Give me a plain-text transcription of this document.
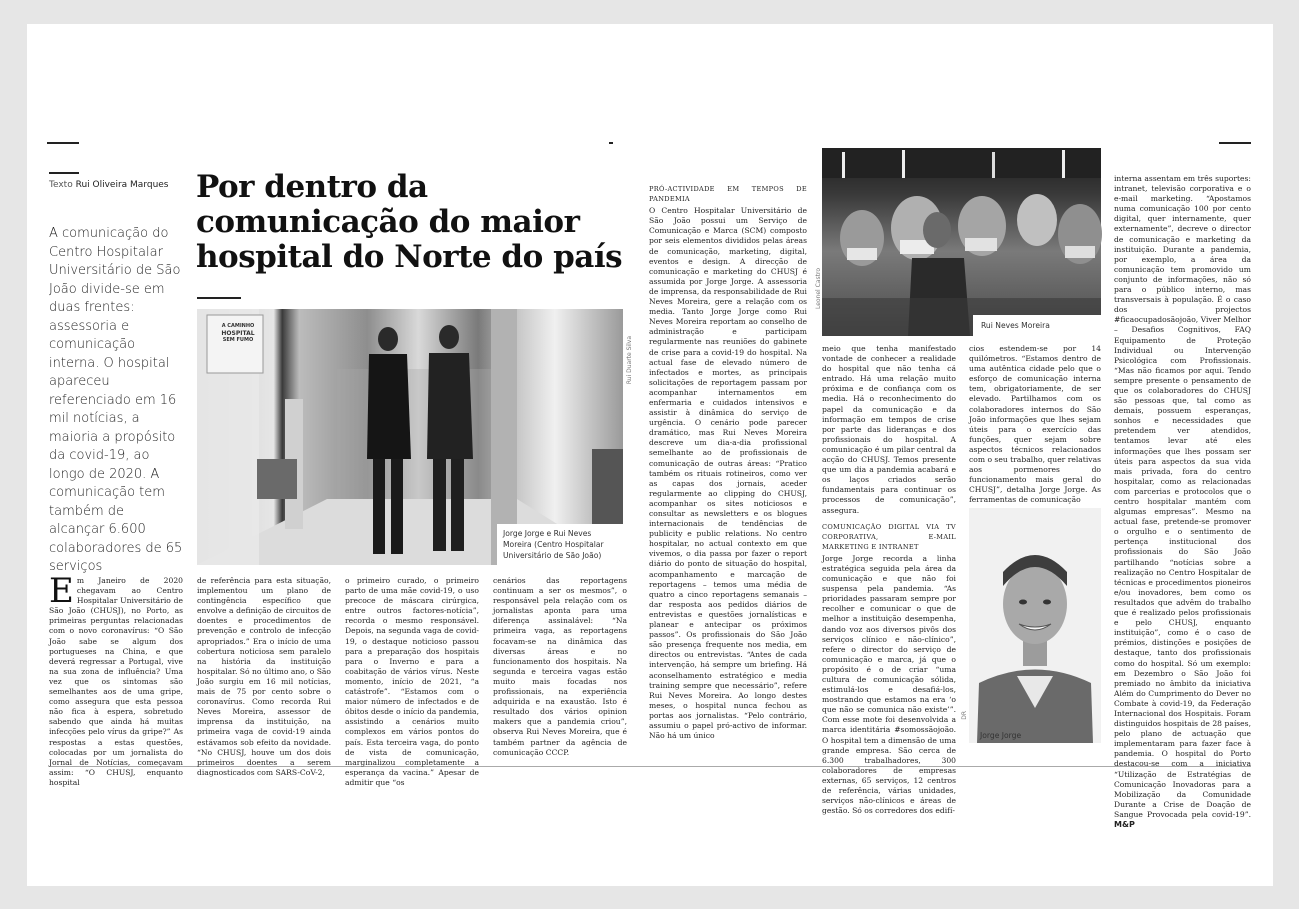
Texto Rui Oliveira Marques
A comunicação do Centro Hospitalar Universitário de São João divide-se em duas frentes: assessoria e comunicação interna. O hospital apareceu referenciado em 16 mil notícias, a maioria a propósito da covid-19, ao longo de 2020. A comunicação tem também de alcançar 6.600 colaboradores de 65 serviços
Por dentro da
comunicação do maior
hospital do Norte do país
A CAMINHO
HOSPITAL
SEM FUMO
Jorge Jorge e Rui Neves Moreira (Centro Hospitalar Universitário de São João)
Rui Duarte Silva
E m Janeiro de 2020 chegavam ao Centro Hospitalar Universitário de São João (CHUSJ), no Porto, as primeiras perguntas relacionadas com o novo coronavírus: “O São João sabe se algum dos portugueses na China, e que deverá regressar a Portugal, vive na sua zona de influência? Uma vez que os sintomas são semelhantes aos de uma gripe, como assegura que esta pessoa não fica à espera, sobretudo sabendo que ainda há muitas infecções pelo vírus da gripe?” As respostas a estas questões, colocadas por um jornalista do Jornal de Notícias, começavam assim: “O CHUSJ, enquanto hospital
de referência para esta situação, implementou um plano de contingência específico que envolve a definição de circuitos de doentes e procedimentos de prevenção e controlo de infecção apropriados.” Era o início de uma cobertura noticiosa sem paralelo na história da instituição hospitalar. Só no último ano, o São João surgiu em 16 mil notícias, mais de 75 por cento sobre o coronavírus. Como recorda Rui Neves Moreira, assessor de imprensa da instituição, na primeira vaga de covid-19 ainda estávamos sob efeito da novidade. “No CHUSJ, houve um dos dois primeiros doentes a serem diagnosticados com SARS-CoV-2,
o primeiro curado, o primeiro parto de uma mãe covid-19, o uso precoce de máscara cirúrgica, entre outros factores-notícia”, recorda o mesmo responsável. Depois, na segunda vaga de covid-19, o destaque noticioso passou para a preparação dos hospitais para o Inverno e para a coabitação de vários vírus. Neste momento, início de 2021, “a catástrofe”. “Estamos com o maior número de infectados e de óbitos desde o início da pandemia, assistindo a cenários muito complexos em vários pontos do país. Esta terceira vaga, do ponto de vista de comunicação, marginalizou completamente a esperança da vacina.” Apesar de admitir que “os
cenários das reportagens continuam a ser os mesmos”, o responsável pela relação com os jornalistas aponta para uma diferença assinalável: “Na primeira vaga, as reportagens focavam-se na dinâmica das diversas áreas e no funcionamento dos hospitais. Na segunda e terceira vagas estão muito mais focadas nos profissionais, na experiência adquirida e na exaustão. Isto é resultado dos vários opinion makers que a pandemia criou”, observa Rui Neves Moreira, que é também partner da agência de comunicação CCCP.
Rui Neves Moreira
Leonel Castro
Jorge Jorge
DR
PRÓ-ACTIVIDADE EM TEMPOS DE PANDEMIA
O Centro Hospitalar Universitário de São João possui um Serviço de Comunicação e Marca (SCM) composto por seis elementos divididos pelas áreas de comunicação, marketing, digital, eventos e design. A direcção de comunicação e marketing do CHUSJ é assumida por Jorge Jorge. A assessoria de imprensa, da responsabilidade de Rui Neves Moreira, gere a relação com os media. Tanto Jorge Jorge como Rui Neves Moreira reportam ao conselho de administração e participam regularmente nas reuniões do gabinete de crise para a covid-19 do hospital. Na actual fase de elevado número de infectados e mortes, as principais solicitações de reportagem passam por acompanhar internamentos em enfermaria e cuidados intensivos e assistir à dinâmica do serviço de urgência. O cenário pode parecer dramático, mas Rui Neves Moreira descreve um dia-a-dia profissional semelhante ao de profissionais de comunicação de outras áreas: “Pratico também os rituais rotineiros, como ver as capas dos jornais, aceder regularmente ao clipping do CHUSJ, acompanhar os sites noticiosos e consultar as newsletters e os blogues internacionais de tendências de publicity e public relations. No centro hospitalar, no actual contexto em que vivemos, o dia passa por fazer o report diário do ponto de situação do hospital, acompanhamento e marcação de reportagens – temos uma média de quatro a cinco reportagens semanais – dar resposta aos pedidos diários de entrevistas e questões jornalísticas e planear e antecipar os próximos passos”. Os profissionais do São João são presença frequente nos media, em directos ou entrevistas. “Antes de cada intervenção, há sempre um briefing. Há aconselhamento estratégico e media training sempre que necessário”, refere Rui Neves Moreira. Ao longo destes meses, o hospital nunca fechou as portas aos jornalistas. “Pelo contrário, assumiu o papel pró-activo de informar. Não há um único
meio que tenha manifestado vontade de conhecer a realidade do hospital que não tenha cá entrado. Há uma relação muito próxima e de confiança com os media. Há o reconhecimento do papel da comunicação e da informação em tempos de crise por parte das lideranças e dos profissionais do hospital. A comunicação é um pilar central da acção do CHUSJ. Temos presente que um dia a pandemia acabará e os laços criados serão fundamentais para continuar os processos de comunicação”, assegura.
COMUNICAÇÃO DIGITAL VIA TV CORPORATIVA, E-MAIL MARKETING E INTRANET
Jorge Jorge recorda a linha estratégica seguida pela área da comunicação e que não foi suspensa pela pandemia. “As prioridades passaram sempre por recolher e comunicar o que de melhor a instituição desempenha, dando voz aos diversos pivôs dos serviços clínico e não-clínico”, refere o director do serviço de comunicação e marca, já que o propósito é o de criar “uma cultura de comunicação sólida, estimulá-los e desafiá-los, mostrando que estamos na era ‘o que não se comunica não existe’”. Com esse mote foi desenvolvida a marca identitária #somossãojoão. O hospital tem a dimensão de uma grande empresa. São cerca de 6.300 trabalhadores, 300 colaboradores de empresas externas, 65 serviços, 12 centros de referência, várias unidades, serviços não-clínicos e áreas de gestão. Só os corredores dos edifí-
cios estendem-se por 14 quilómetros. “Estamos dentro de uma autêntica cidade pelo que o esforço de comunicação interna tem, obrigatoriamente, de ser elevado. Partilhamos com os colaboradores internos do São João informações que lhes sejam úteis para o exercício das funções, quer sejam sobre aspectos técnicos relacionados com o seu trabalho, quer relativas aos pormenores do funcionamento mais geral do CHUSJ”, detalha Jorge Jorge. As ferramentas de comunicação
interna assentam em três suportes: intranet, televisão corporativa e o e-mail marketing. “Apostamos numa comunicação 100 por cento digital, quer internamente, quer externamente”, decreve o director de comunicação e marketing da instituição. Durante a pandemia, por exemplo, a área da comunicação tem promovido um conjunto de informações, não só para o público interno, mas transversais à população. É o caso dos projectos #ficaocupadosãojoão, Viver Melhor – Desafios Cognitivos, FAQ Equipamento de Proteção Individual ou Intervenção Psicológica com Profissionais. “Mas não ficamos por aqui. Tendo sempre presente o pensamento de que os colaboradores do CHUSJ são pessoas que, tal como as demais, possuem esperanças, sonhos e necessidades que pretendem ver atendidos, tentamos levar até eles informações que lhes possam ser úteis para aspectos da sua vida mais privada, fora do centro hospitalar, como as relacionadas com parcerias e protocolos que o centro hospitalar mantém com algumas empresas”. Mesmo na actual fase, pretende-se promover o orgulho e o sentimento de pertença institucional dos profissionais do São João partilhando “notícias sobre a realização no Centro Hospitalar de técnicas e procedimentos pioneiros e/ou inovadores, bem como os resultados que advêm do trabalho que é realizado pelos profissionais e pelo CHUSJ, enquanto instituição”, como é o caso de prémios, distinções e posições de destaque, tanto dos profissionais como do hospital. Só um exemplo: em Dezembro o São João foi premiado no âmbito da iniciativa Além do Cumprimento do Dever no Combate à covid-19, da Federação Internacional dos Hospitais. Foram distinguidos hospitais de 28 países, pelo plano de actuação que implementaram para fazer face à pandemia. O hospital do Porto destacou-se com a iniciativa “Utilização de Estratégias de Comunicação Inovadoras para a Mobilização da Comunidade Durante a Crise de Doação de Sangue Provocada pela covid-19”. M&P
